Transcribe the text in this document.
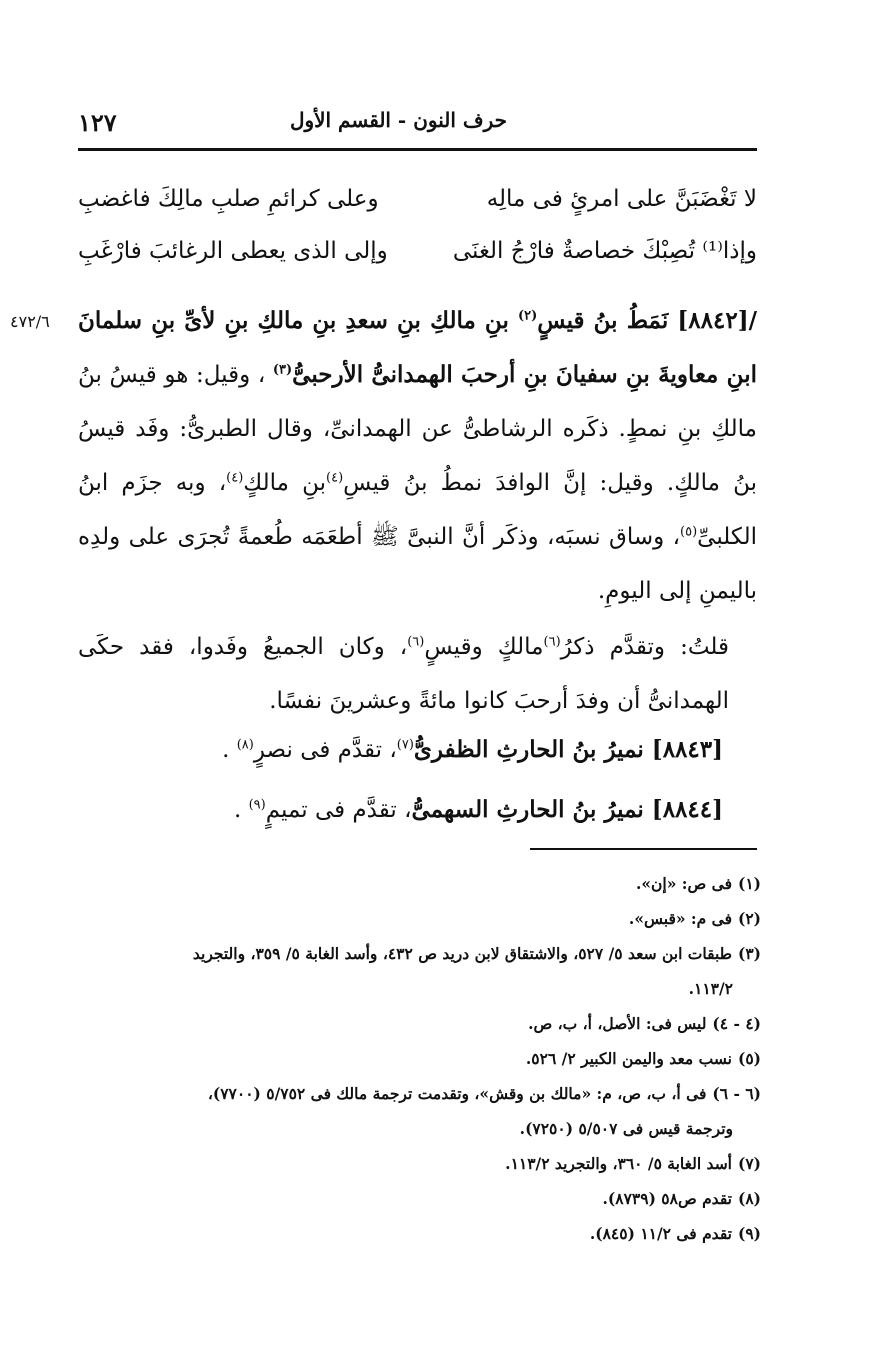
حرف النون - القسم الأول
١٢٧
لا تَغْضَبَنَّ على امرئٍ فى مالِه
وعلى كرائمِ صلبِ مالِكَ فاغضبِ
وإذا⁽¹⁾ تُصِبْكَ خصاصةٌ فارْجُ الغنَى
وإلى الذى يعطى الرغائبَ فارْغَبِ
٤٧٢/٦	/[٨٨٤٢] نَمَطُ بنُ قيسٍ$^{(٢)}$ بنِ مالكِ بنِ سعدِ بنِ مالكِ بنِ لأىِّ بنِ سلمانَ ابنِ معاويةَ بنِ سفيانَ بنِ أرحبَ الهمدانىُّ الأرحبىُّ$^{(٣)}$ ، وقيل: هو قيسُ بنُ مالكِ بنِ نمطٍ. ذكَره الرشاطىُّ عن الهمدانىِّ، وقال الطبرىُّ: وفَد قيسُ بنُ مالكٍ. وقيل: إنَّ الوافدَ نمطُ بنُ قيسِ$^{(٤)}$بنِ مالكٍ$^{(٤)}$، وبه جزَم ابنُ الكلبىِّ$^{(٥)}$، وساق نسبَه، وذكَر أنَّ النبىَّ ﷺ أطعَمَه طُعمةً تُجرَى على ولدِه باليمنِ إلى اليومِ.

قلتُ: وتقدَّم ذكرُ$^{(٦)}$مالكٍ وقيسٍ$^{(٦)}$، وكان الجميعُ وفَدوا، فقد حكَى الهمدانىُّ أن وفدَ أرحبَ كانوا مائةً وعشرينَ نفسًا.

[٨٨٤٣] نميرُ بنُ الحارثِ الظفرىُّ$^{(٧)}$، تقدَّم فى نصرٍ$^{(٨)}$ .
[٨٨٤٤] نميرُ بنُ الحارثِ السهمىُّ، تقدَّم فى تميمٍ$^{(٩)}$ .

(١)فى ص: «إن».

(٢)فى م: «قبس».

(٣)طبقات ابن سعد ٥/ ٥٢٧، والاشتقاق لابن دريد ص ٤٣٢، وأسد الغابة ٥/ ٣٥٩، والتجريد
١١٣/٢.

(٤ - ٤)ليس فى: الأصل، أ، ب، ص.

(٥)نسب معد واليمن الكبير ٢/ ٥٢٦.

(٦ - ٦)فى أ، ب، ص، م: «مالك بن وقش»، وتقدمت ترجمة مالك فى ٥/٧٥٢ (٧٧٠٠)،
وترجمة قيس فى ٥/٥٠٧ (٧٢٥٠).

(٧)أسد الغابة ٥/ ٣٦٠، والتجريد ١١٣/٢.

(٨)تقدم ص٥٨ (٨٧٣٩).

(٩)تقدم فى ١١/٢ (٨٤٥).
